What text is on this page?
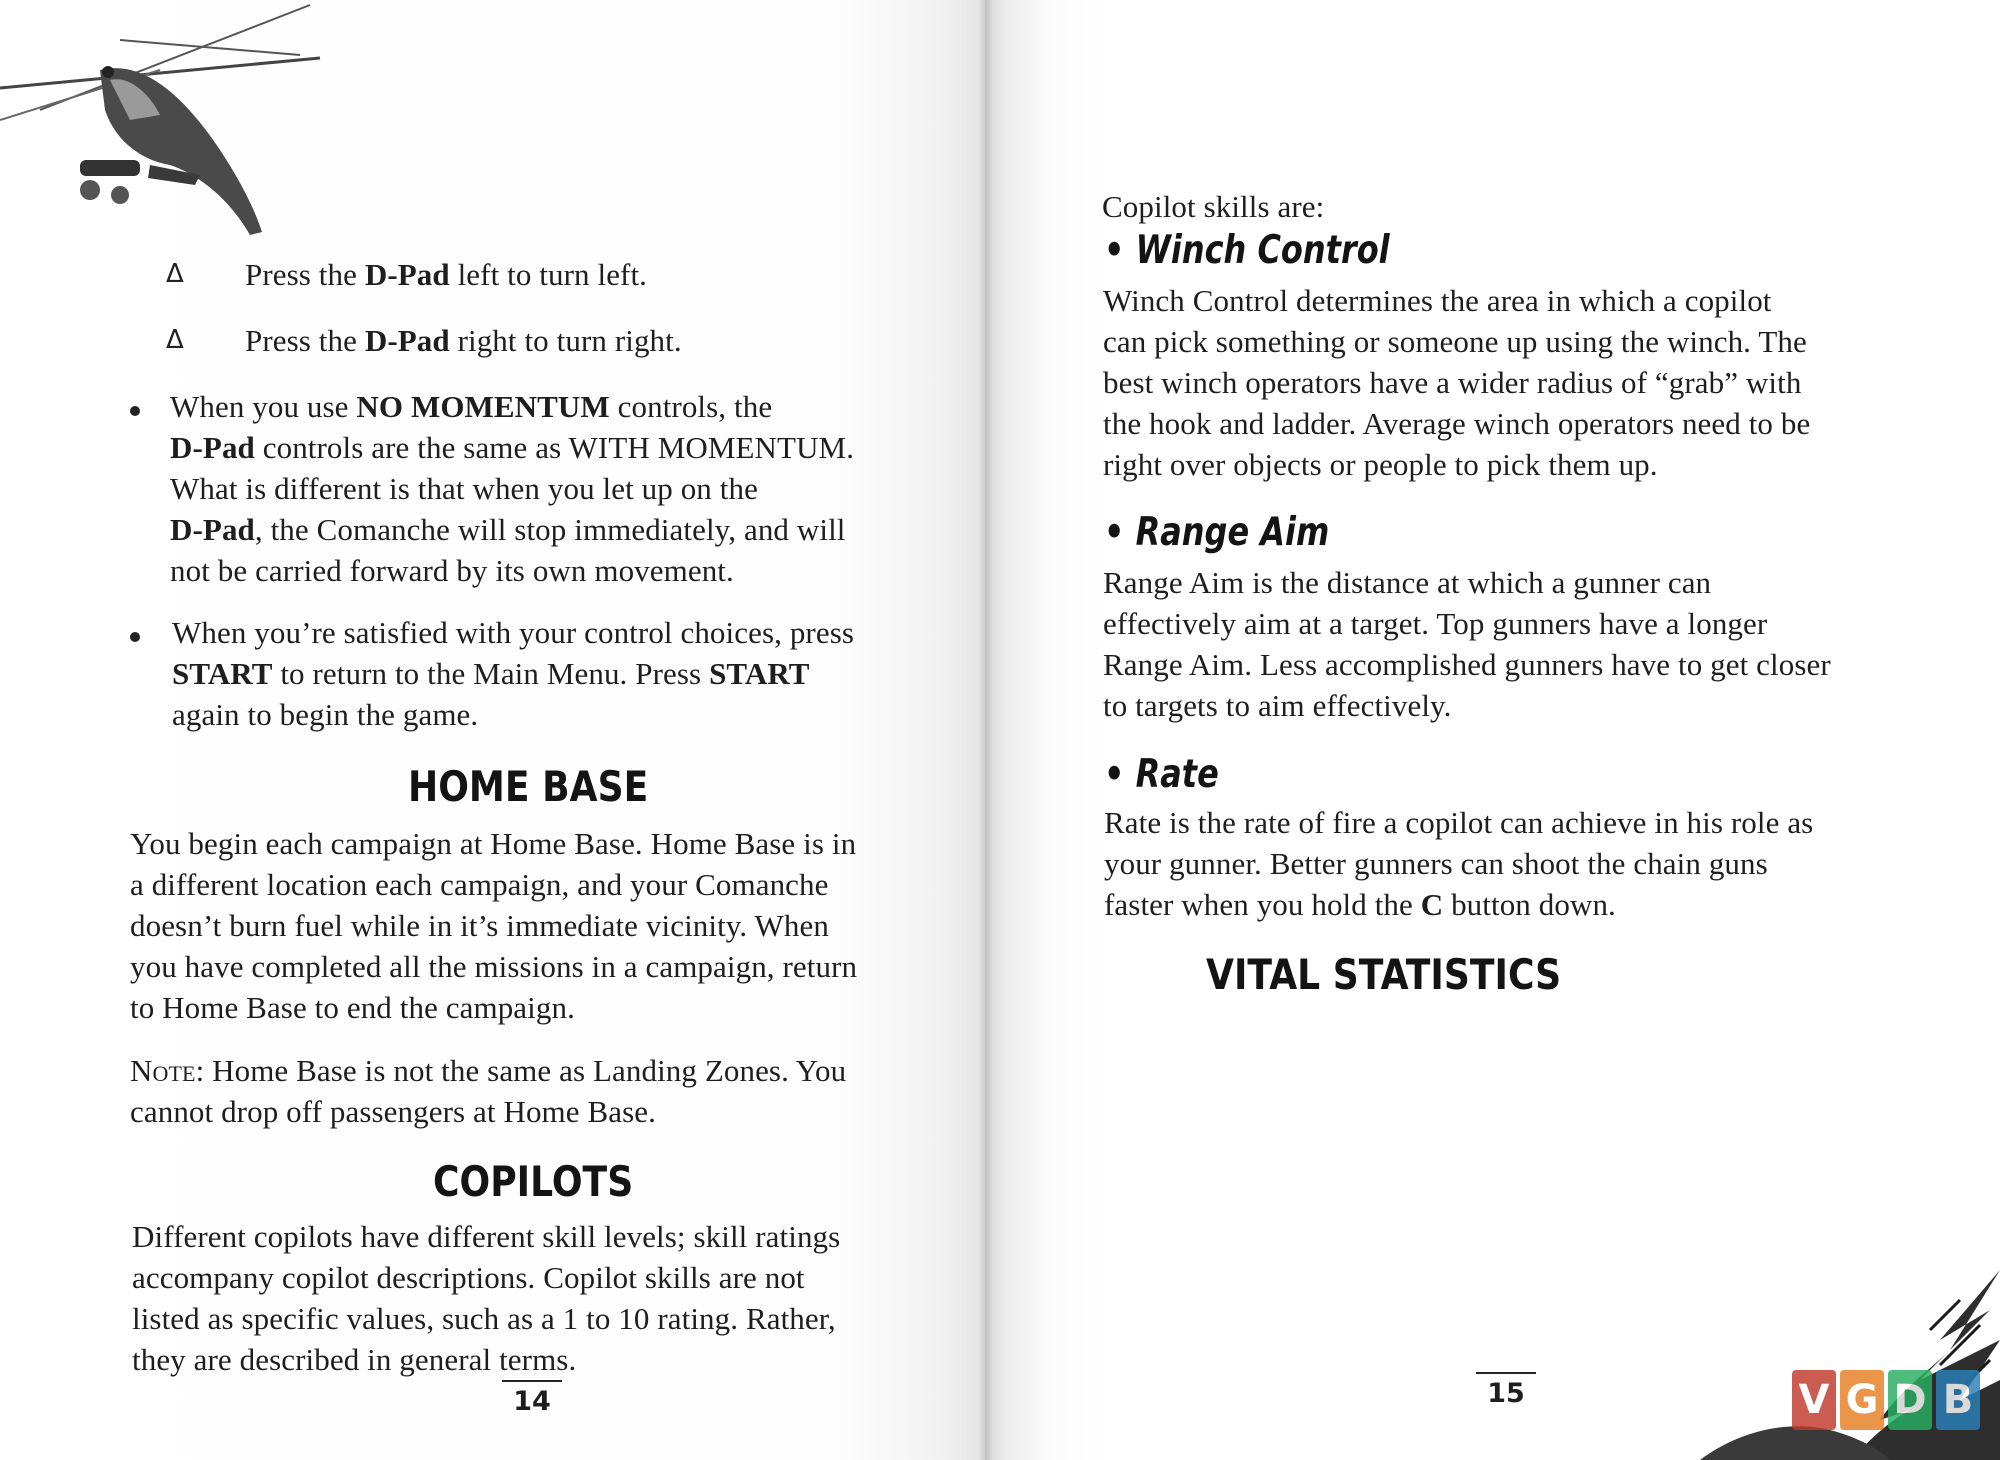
Δ Press the D-Pad left to turn left.
Δ Press the D-Pad right to turn right.

When you use NO MOMENTUM controls, the

D-Pad controls are the same as WITH MOMENTUM.

What is different is that when you let up on the

D-Pad, the Comanche will stop immediately, and will

not be carried forward by its own movement.

When you’re satisfied with your control choices, press

START to return to the Main Menu. Press START

again to begin the game.

HOME BASE

You begin each campaign at Home Base. Home Base is in

a different location each campaign, and your Comanche

doesn’t burn fuel while in it’s immediate vicinity. When

you have completed all the missions in a campaign, return

to Home Base to end the campaign.

Note: Home Base is not the same as Landing Zones. You

cannot drop off passengers at Home Base.

COPILOTS

Different copilots have different skill levels; skill ratings

accompany copilot descriptions. Copilot skills are not

listed as specific values, such as a 1 to 10 rating. Rather,

they are described in general terms.

14
Copilot skills are:
• Winch Control

Winch Control determines the area in which a copilot

can pick something or someone up using the winch. The

best winch operators have a wider radius of “grab” with

the hook and ladder. Average winch operators need to be

right over objects or people to pick them up.

• Range Aim

Range Aim is the distance at which a gunner can

effectively aim at a target. Top gunners have a longer

Range Aim. Less accomplished gunners have to get closer

to targets to aim effectively.

• Rate

Rate is the rate of fire a copilot can achieve in his role as

your gunner. Better gunners can shoot the chain guns

faster when you hold the C button down.

VITAL STATISTICS
15	V G D B
